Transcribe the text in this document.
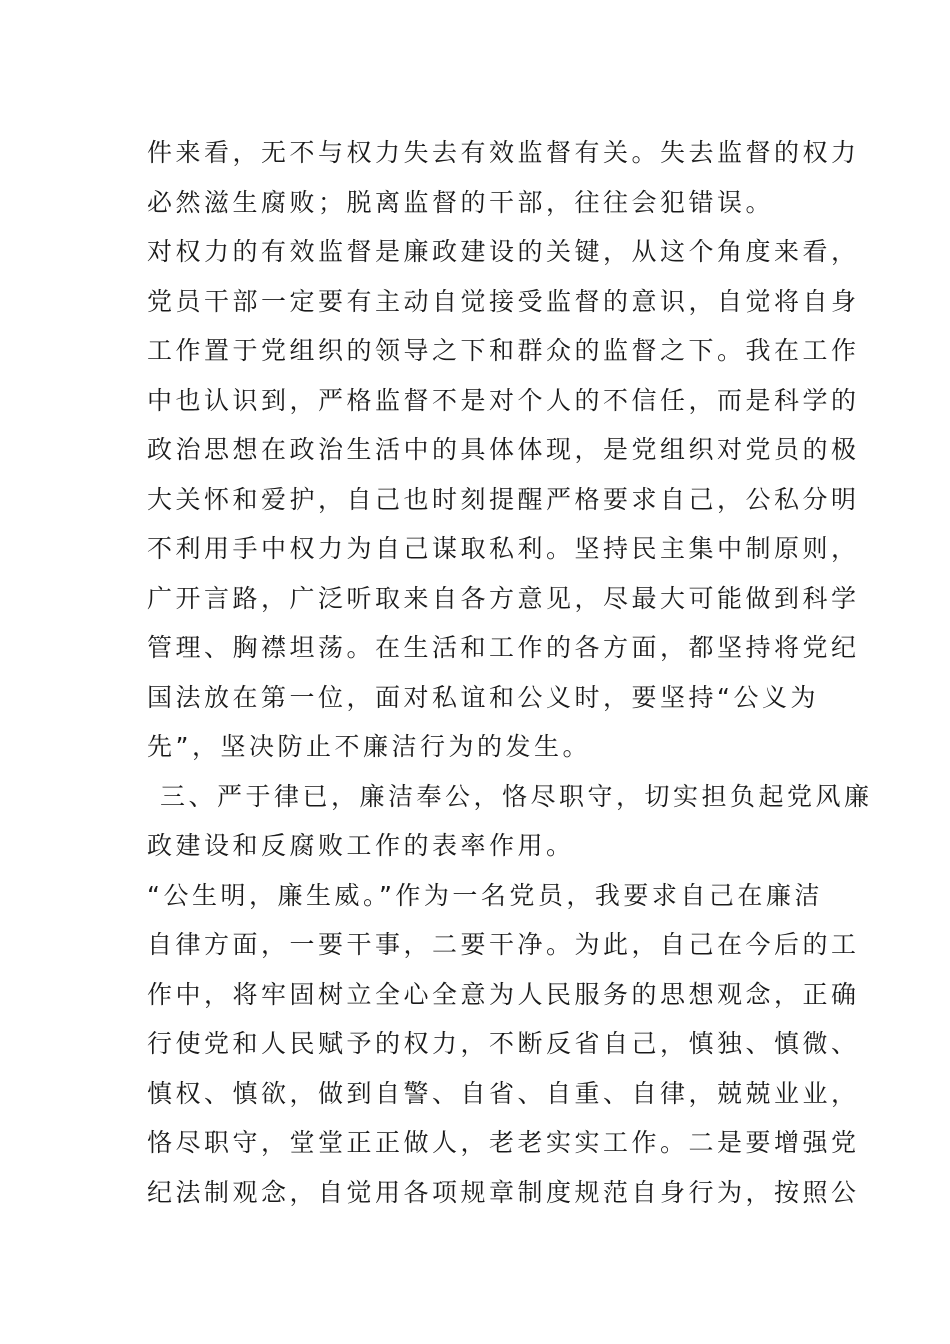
件来看，无不与权力失去有效监督有关。失去监督的权力
必然滋生腐败；脱离监督的干部，往往会犯错误。
对权力的有效监督是廉政建设的关键，从这个角度来看，
党员干部一定要有主动自觉接受监督的意识，自觉将自身
工作置于党组织的领导之下和群众的监督之下。我在工作
中也认识到，严格监督不是对个人的不信任，而是科学的
政治思想在政治生活中的具体体现，是党组织对党员的极
大关怀和爱护，自己也时刻提醒严格要求自己，公私分明
不利用手中权力为自己谋取私利。坚持民主集中制原则，
广开言路，广泛听取来自各方意见，尽最大可能做到科学
管理、胸襟坦荡。在生活和工作的各方面，都坚持将党纪
国法放在第一位，面对私谊和公义时，要坚持“公义为
先”，坚决防止不廉洁行为的发生。
三、严于律已，廉洁奉公，恪尽职守，切实担负起党风廉
政建设和反腐败工作的表率作用。
“公生明，廉生威。”作为一名党员，我要求自己在廉洁
自律方面，一要干事，二要干净。为此，自己在今后的工
作中，将牢固树立全心全意为人民服务的思想观念，正确
行使党和人民赋予的权力，不断反省自己，慎独、慎微、
慎权、慎欲，做到自警、自省、自重、自律，兢兢业业，
恪尽职守，堂堂正正做人，老老实实工作。二是要增强党
纪法制观念，自觉用各项规章制度规范自身行为，按照公
